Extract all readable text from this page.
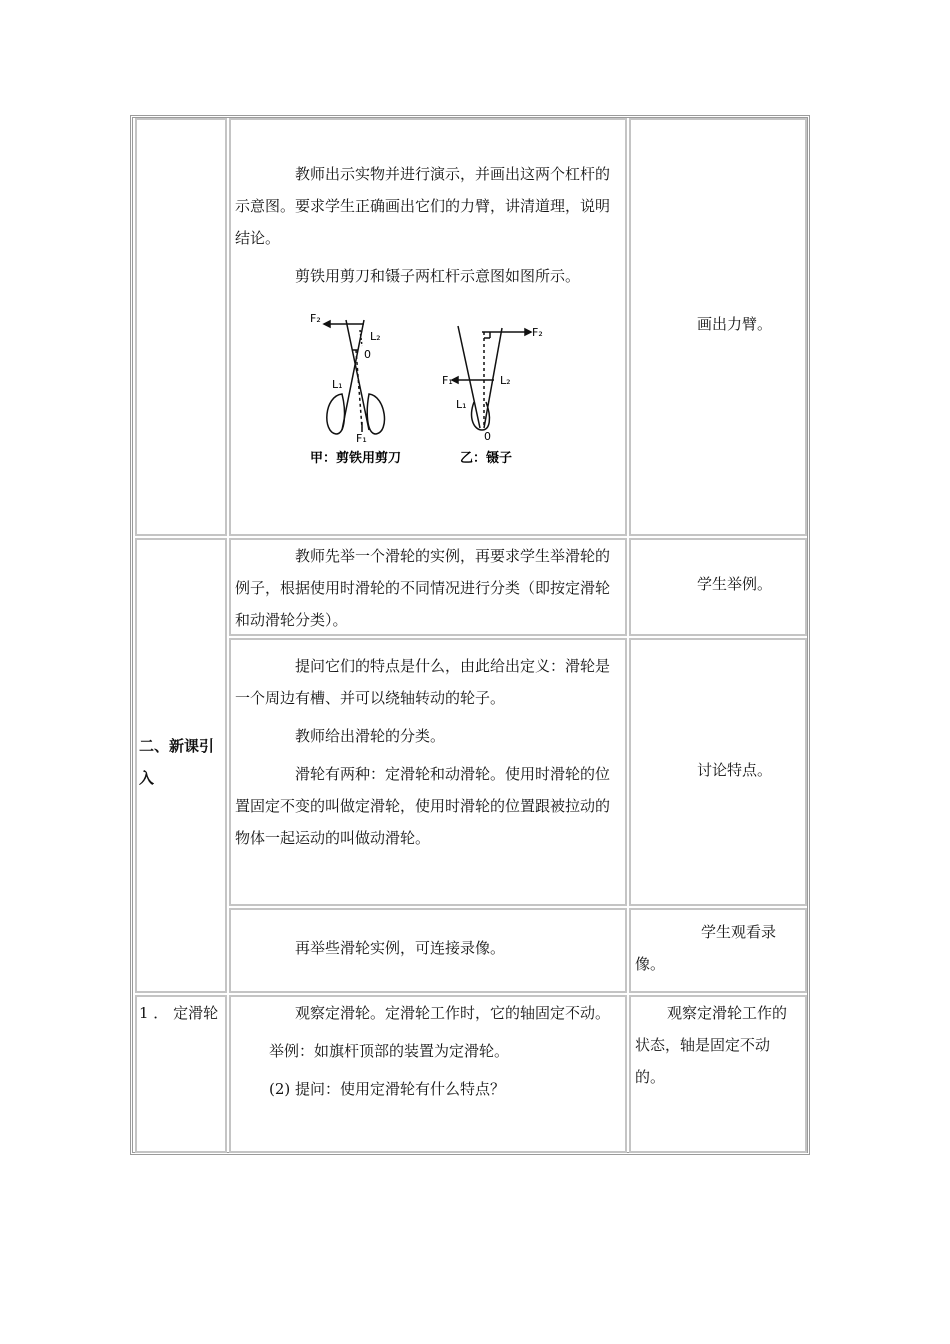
教师出示实物并进行演示，并画出这两个杠杆的示意图。要求学生正确画出它们的力臂，讲清道理，说明结论。

剪铁用剪刀和镊子两杠杆示意图如图所示。

F₂
L₂
0
L₁
F₁
甲：剪铁用剪刀
F₂
F₁	L₂
L₁
0
乙：镊子
画出力臂。
二、新课引入

教师先举一个滑轮的实例，再要求学生举滑轮的例子，根据使用时滑轮的不同情况进行分类（即按定滑轮和动滑轮分类）。

学生举例。

提问它们的特点是什么，由此给出定义：滑轮是一个周边有槽、并可以绕轴转动的轮子。

教师给出滑轮的分类。

滑轮有两种：定滑轮和动滑轮。使用时滑轮的位置固定不变的叫做定滑轮，使用时滑轮的位置跟被拉动的物体一起运动的叫做动滑轮。

讨论特点。

再举些滑轮实例，可连接录像。

学生观看录像。

1 ． 定滑轮	观察定滑轮。定滑轮工作时，它的轴固定不动。

举例：如旗杆顶部的装置为定滑轮。

(2) 提问：使用定滑轮有什么特点？

观察定滑轮工作的状态，轴是固定不动的。
